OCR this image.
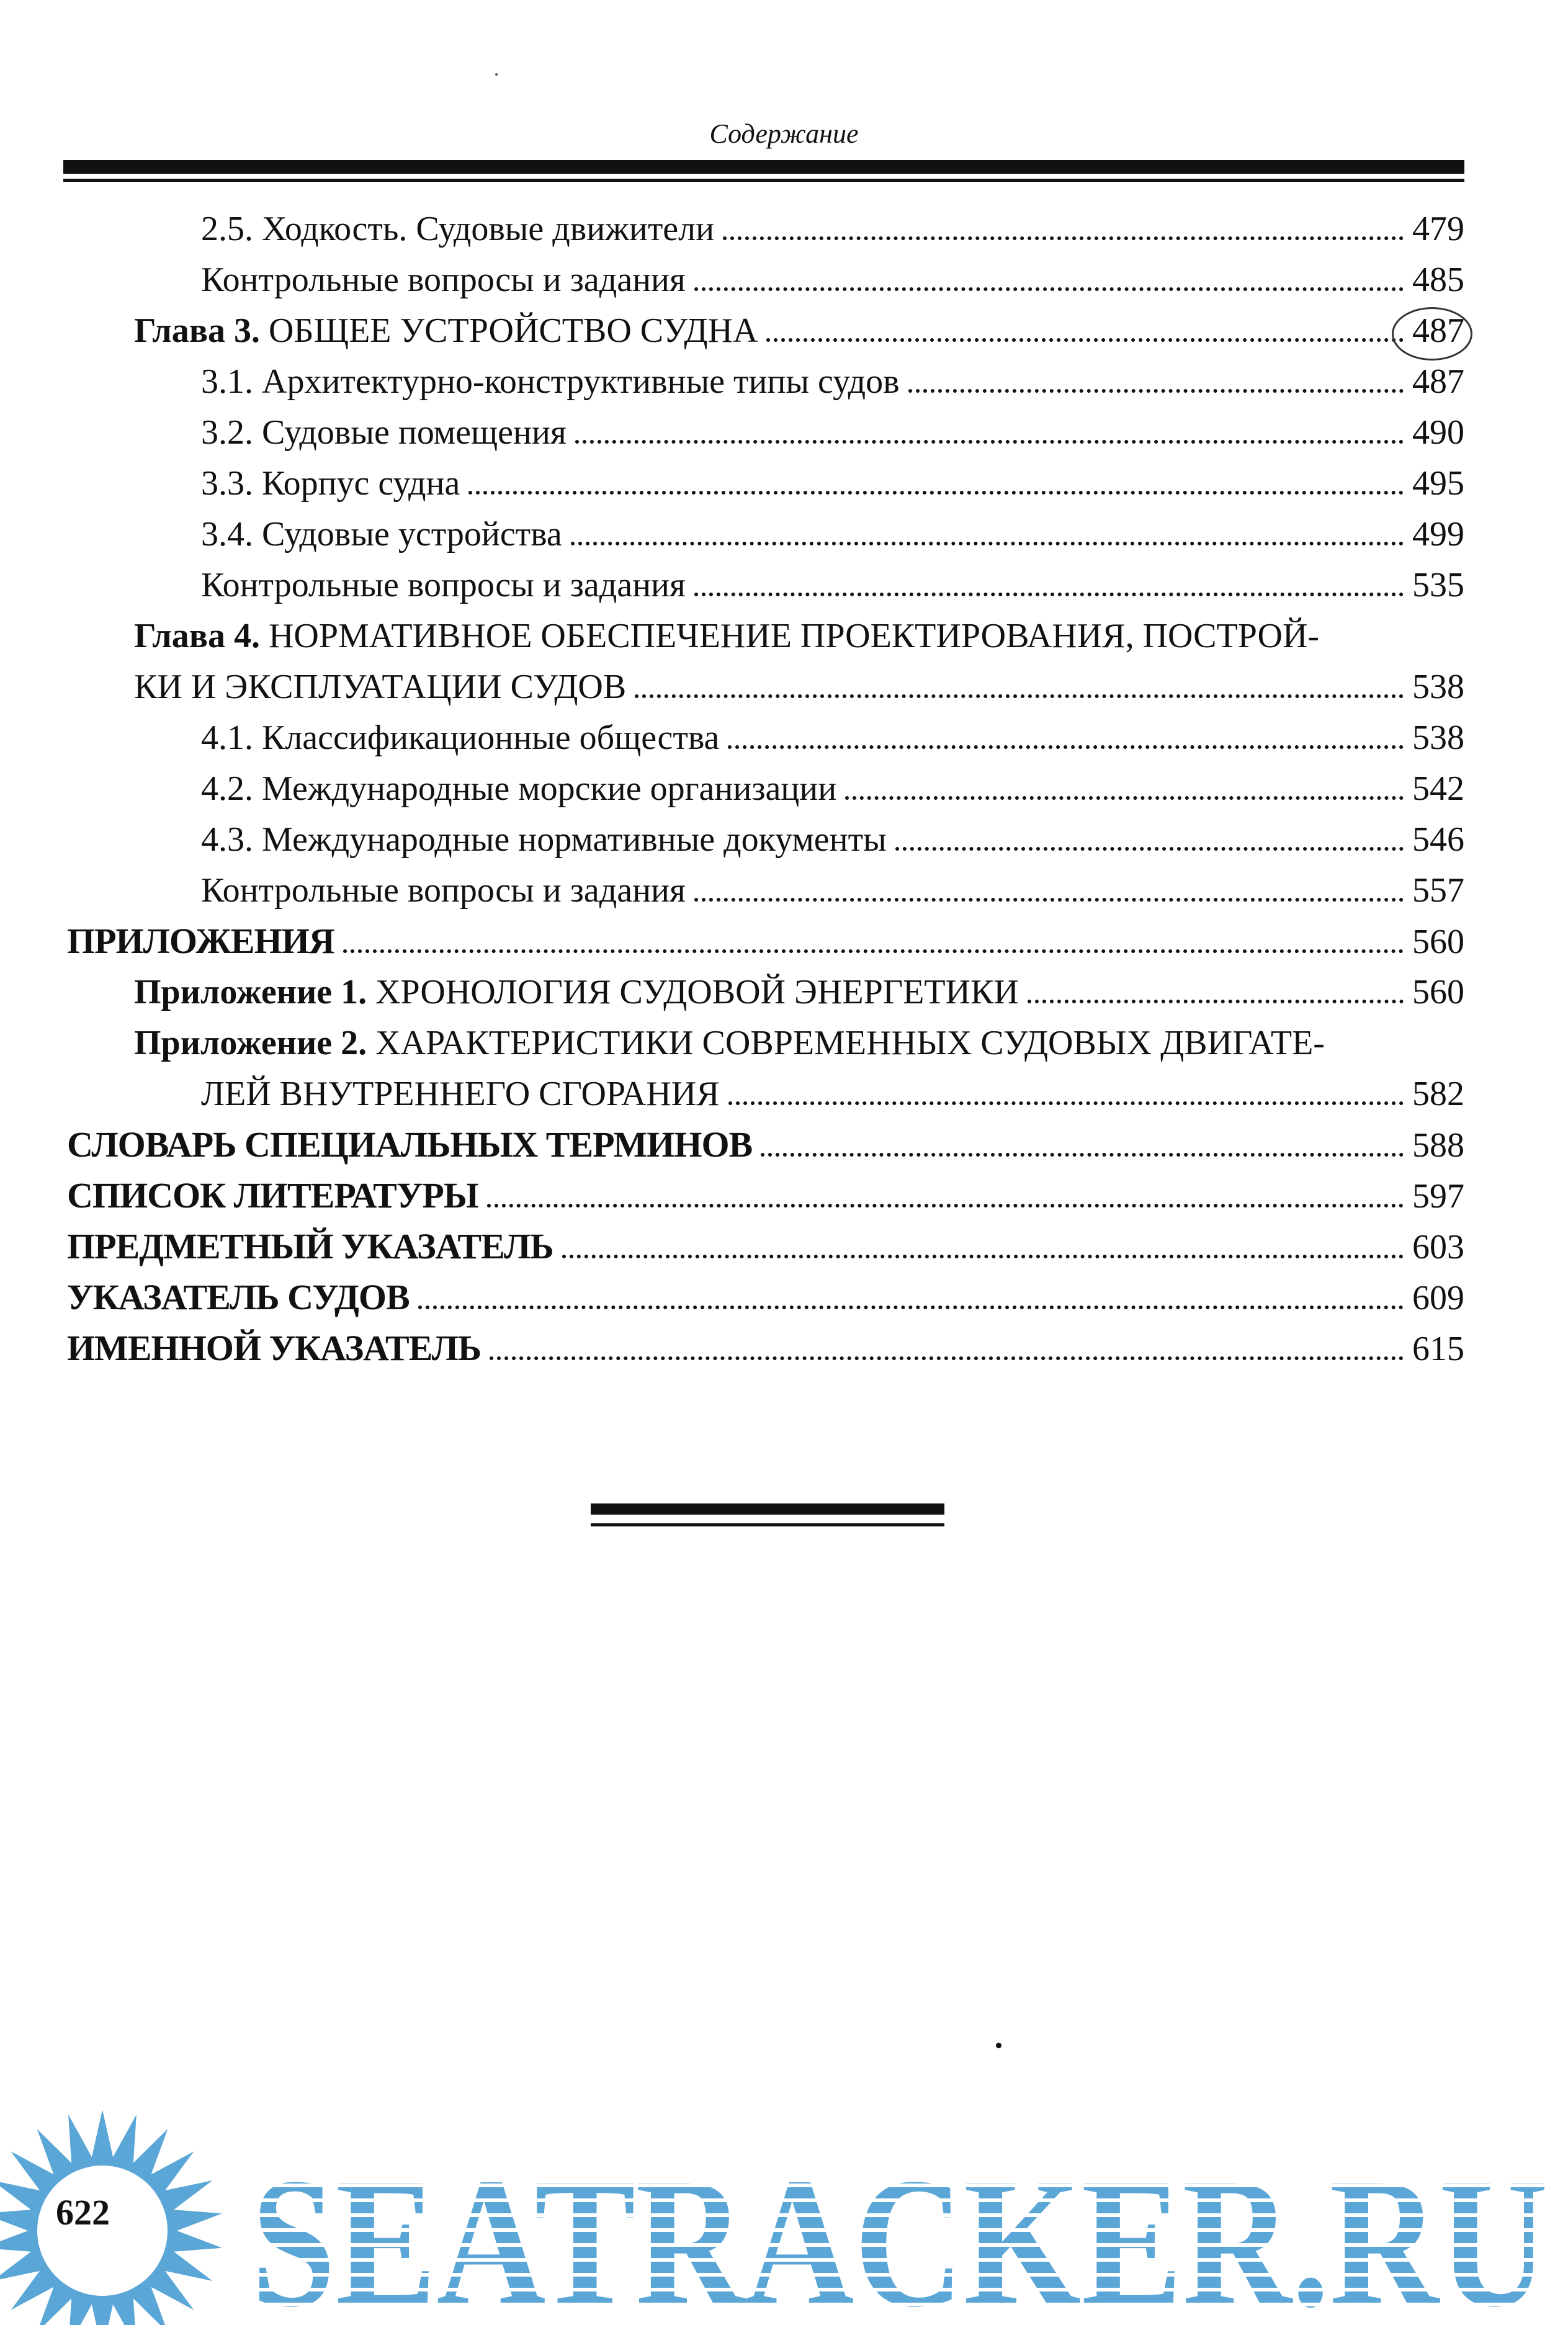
Содержание
2.5. Ходкость. Судовые движители	479
Контрольные вопросы и задания	485
Глава 3. ОБЩЕЕ УСТРОЙСТВО СУДНА	487
3.1. Архитектурно-конструктивные типы судов	487
3.2. Судовые помещения	490
3.3. Корпус судна	495
3.4. Судовые устройства	499
Контрольные вопросы и задания	535
Глава 4. НОРМАТИВНОЕ ОБЕСПЕЧЕНИЕ ПРОЕКТИРОВАНИЯ, ПОСТРОЙ-
КИ И ЭКСПЛУАТАЦИИ СУДОВ	538
4.1. Классификационные общества	538
4.2. Международные морские организации	542
4.3. Международные нормативные документы	546
Контрольные вопросы и задания	557
ПРИЛОЖЕНИЯ	560
Приложение 1. ХРОНОЛОГИЯ СУДОВОЙ ЭНЕРГЕТИКИ	560
Приложение 2. ХАРАКТЕРИСТИКИ СОВРЕМЕННЫХ СУДОВЫХ ДВИГАТЕ-
ЛЕЙ ВНУТРЕННЕГО СГОРАНИЯ	582
СЛОВАРЬ СПЕЦИАЛЬНЫХ ТЕРМИНОВ	588
СПИСОК ЛИТЕРАТУРЫ	597
ПРЕДМЕТНЫЙ УКАЗАТЕЛЬ	603
УКАЗАТЕЛЬ СУДОВ	609
ИМЕННОЙ УКАЗАТЕЛЬ	615
622 SEATRACKER.RU
